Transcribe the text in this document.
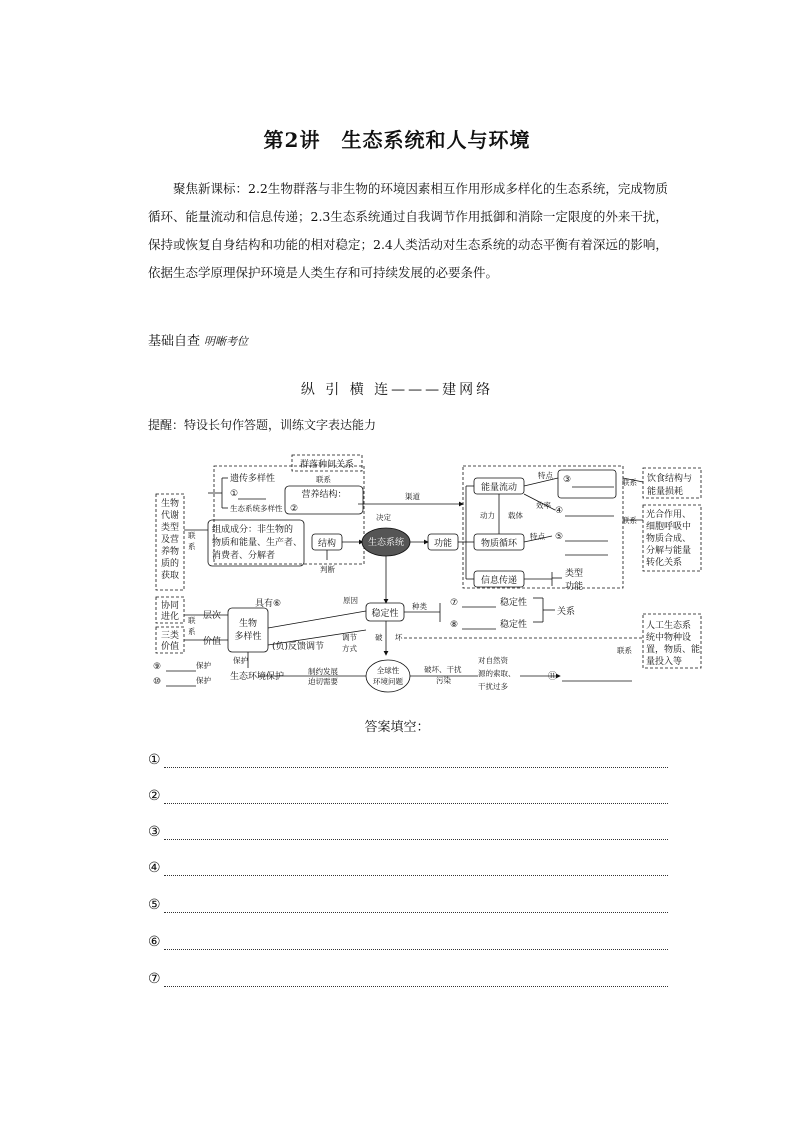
第2讲　生态系统和人与环境
聚焦新课标：2.2生物群落与非生物的环境因素相互作用形成多样化的生态系统，完成物质循环、能量流动和信息传递；2.3生态系统通过自我调节作用抵御和消除一定限度的外来干扰，保持或恢复自身结构和功能的相对稳定；2.4人类活动对生态系统的动态平衡有着深远的影响，依据生态学原理保护环境是人类生存和可持续发展的必要条件。
基础自查 明晰考位
纵 引 横 连———建网络
提醒：特设长句作答题，训练文字表达能力
生态系统
结构	功能
营养结构：
群落种间关系
组成成分：非生物的
物质和能量、生产者、
消费者、分解者
遗传多样性
①
生态系统多样性 ②
生物
代谢
类型
及营
养物
质的
获取
协同
进化
三类
价值
生物
多样性
层次
价值
能量流动
物质循环
信息传递
特点
效率
特点
动力 载体
③
④
⑤
类型
功能
渠道
决定
判断
稳定性
种类	⑦
⑧
稳定性
稳定性
关系
原因
具有⑥
(负)反馈调节
调节
方式
破 坏
全球性
环境问题
制约发展
迫切需要
生态环境保护
保护
⑨
⑩
保护
保护
破坏、干扰
污染
对自然资
源的索取、
干扰过多
⑪
饮食结构与
能量损耗
光合作用、
细胞呼吸中
物质合成、
分解与能量
转化关系
人工生态系
统中物种设
置，物质、能
量投入等
联系
联系
联系
联系
联
系
联
系
答案填空：
①
②
③
④
⑤
⑥
⑦
